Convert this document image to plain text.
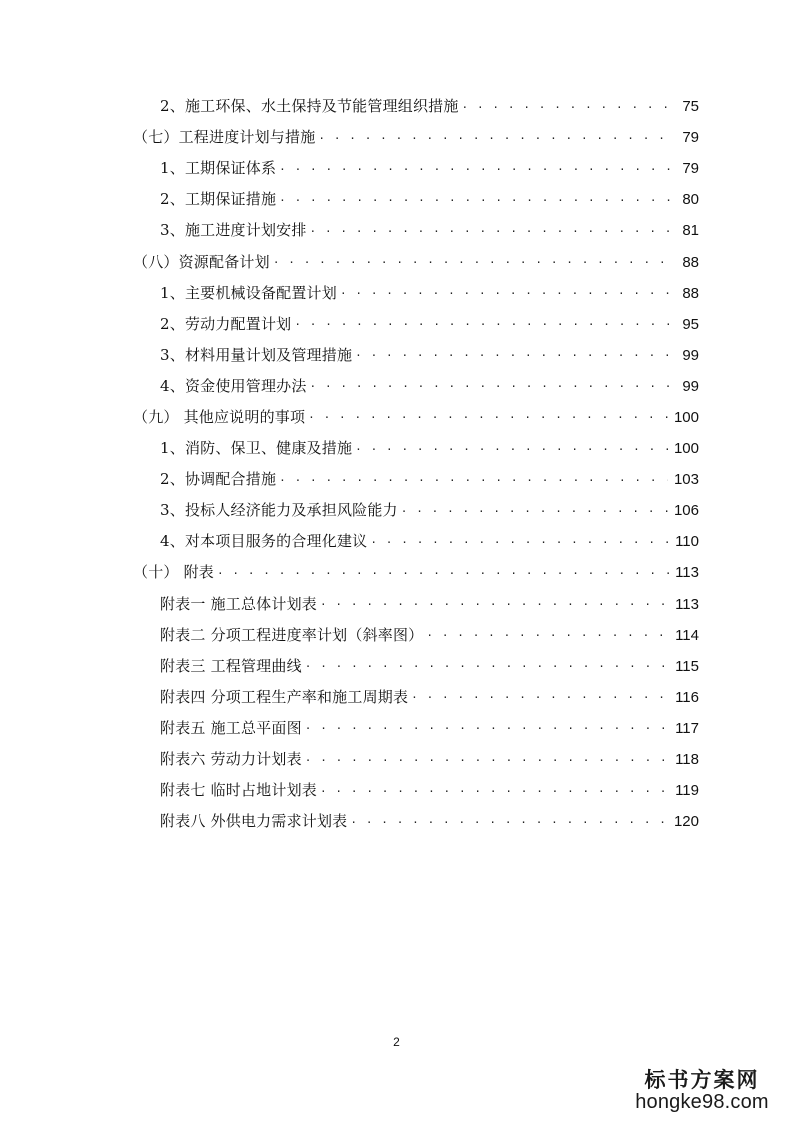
2、施工环保、水土保持及节能管理组织措施 . . .	75
（七）工程进度计划与措施 . . .	79
1、工期保证体系 . . .	79
2、工期保证措施 . . .	80
3、施工进度计划安排 . . .	81
（八）资源配备计划 . . .	88
1、主要机械设备配置计划 . . .	88
2、劳动力配置计划 . . .	95
3、材料用量计划及管理措施 . . .	99
4、资金使用管理办法 . . .	99
（九） 其他应说明的事项 . . .	100
1、消防、保卫、健康及措施 . . .	100
2、协调配合措施 . . .	103
3、投标人经济能力及承担风险能力 . . .	106
4、对本项目服务的合理化建议 . . .	110
（十） 附表 . . .	113
附表一 施工总体计划表 . . .	113
附表二 分项工程进度率计划（斜率图） . . .	114
附表三 工程管理曲线 . . .	115
附表四 分项工程生产率和施工周期表 . . .	116
附表五 施工总平面图 . . .	117
附表六 劳动力计划表 . . .	118
附表七 临时占地计划表 . . .	119
附表八 外供电力需求计划表 . . .	120
2
标书方案网
hongke98.com
